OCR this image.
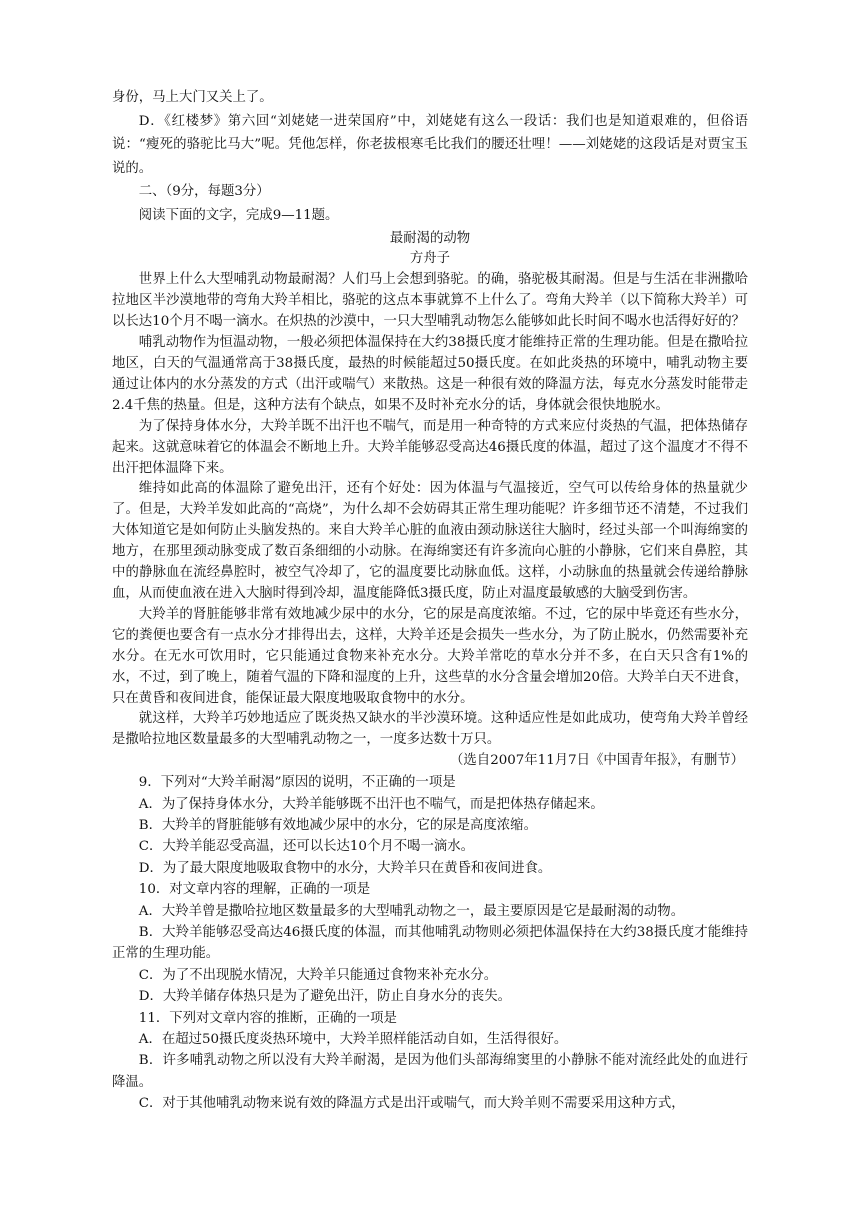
身份，马上大门又关上了。

D．《红楼梦》第六回“刘姥姥一进荣国府”中，刘姥姥有这么一段话：我们也是知道艰难的，但俗语说：“瘦死的骆驼比马大”呢。凭他怎样，你老拔根寒毛比我们的腰还壮哩！——刘姥姥的这段话是对贾宝玉说的。

二、（9分，每题3分）

阅读下面的文字，完成9—11题。

最耐渴的动物

方舟子

世界上什么大型哺乳动物最耐渴？人们马上会想到骆驼。的确，骆驼极其耐渴。但是与生活在非洲撒哈拉地区半沙漠地带的弯角大羚羊相比，骆驼的这点本事就算不上什么了。弯角大羚羊（以下简称大羚羊）可以长达10个月不喝一滴水。在炽热的沙漠中，一只大型哺乳动物怎么能够如此长时间不喝水也活得好好的？

哺乳动物作为恒温动物，一般必须把体温保持在大约38摄氏度才能维持正常的生理功能。但是在撒哈拉地区，白天的气温通常高于38摄氏度，最热的时候能超过50摄氏度。在如此炎热的环境中，哺乳动物主要通过让体内的水分蒸发的方式（出汗或喘气）来散热。这是一种很有效的降温方法，每克水分蒸发时能带走2.4千焦的热量。但是，这种方法有个缺点，如果不及时补充水分的话，身体就会很快地脱水。

为了保持身体水分，大羚羊既不出汗也不喘气，而是用一种奇特的方式来应付炎热的气温，把体热储存起来。这就意味着它的体温会不断地上升。大羚羊能够忍受高达46摄氏度的体温，超过了这个温度才不得不出汗把体温降下来。

维持如此高的体温除了避免出汗，还有个好处：因为体温与气温接近，空气可以传给身体的热量就少了。但是，大羚羊发如此高的“高烧”，为什么却不会妨碍其正常生理功能呢？许多细节还不清楚，不过我们大体知道它是如何防止头脑发热的。来自大羚羊心脏的血液由颈动脉送往大脑时，经过头部一个叫海绵窦的地方，在那里颈动脉变成了数百条细细的小动脉。在海绵窦还有许多流向心脏的小静脉，它们来自鼻腔，其中的静脉血在流经鼻腔时，被空气冷却了，它的温度要比动脉血低。这样，小动脉血的热量就会传递给静脉血，从而使血液在进入大脑时得到冷却，温度能降低3摄氏度，防止对温度最敏感的大脑受到伤害。

大羚羊的肾脏能够非常有效地减少尿中的水分，它的尿是高度浓缩。不过，它的尿中毕竟还有些水分，它的粪便也要含有一点水分才排得出去，这样，大羚羊还是会损失一些水分，为了防止脱水，仍然需要补充水分。在无水可饮用时，它只能通过食物来补充水分。大羚羊常吃的草水分并不多，在白天只含有1%的水，不过，到了晚上，随着气温的下降和湿度的上升，这些草的水分含量会增加20倍。大羚羊白天不进食，只在黄昏和夜间进食，能保证最大限度地吸取食物中的水分。

就这样，大羚羊巧妙地适应了既炎热又缺水的半沙漠环境。这种适应性是如此成功，使弯角大羚羊曾经是撒哈拉地区数量最多的大型哺乳动物之一，一度多达数十万只。

（选自2007年11月7日《中国青年报》，有删节）

9．下列对“大羚羊耐渴”原因的说明，不正确的一项是

A．为了保持身体水分，大羚羊能够既不出汗也不喘气，而是把体热存储起来。

B．大羚羊的肾脏能够有效地减少尿中的水分，它的尿是高度浓缩。

C．大羚羊能忍受高温，还可以长达10个月不喝一滴水。

D．为了最大限度地吸取食物中的水分，大羚羊只在黄昏和夜间进食。

10．对文章内容的理解，正确的一项是

A．大羚羊曾是撒哈拉地区数量最多的大型哺乳动物之一，最主要原因是它是最耐渴的动物。

B．大羚羊能够忍受高达46摄氏度的体温，而其他哺乳动物则必须把体温保持在大约38摄氏度才能维持正常的生理功能。

C．为了不出现脱水情况，大羚羊只能通过食物来补充水分。

D．大羚羊储存体热只是为了避免出汗，防止自身水分的丧失。

11．下列对文章内容的推断，正确的一项是

A．在超过50摄氏度炎热环境中，大羚羊照样能活动自如，生活得很好。

B．许多哺乳动物之所以没有大羚羊耐渴，是因为他们头部海绵窦里的小静脉不能对流经此处的血进行降温。

C．对于其他哺乳动物来说有效的降温方式是出汗或喘气，而大羚羊则不需要采用这种方式，
